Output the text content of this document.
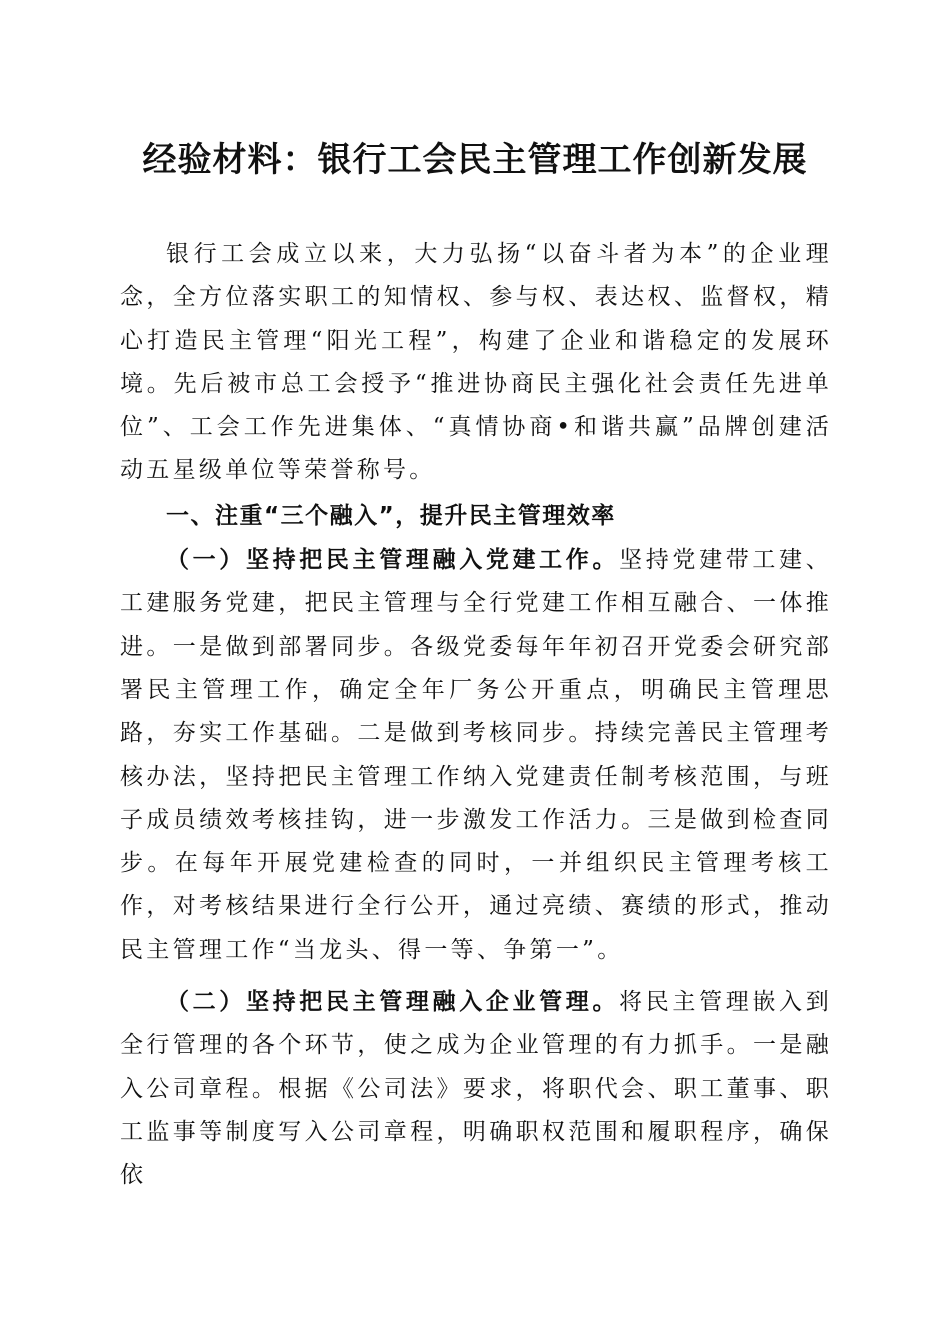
经验材料：银行工会民主管理工作创新发展

银行工会成立以来，大力弘扬“以奋斗者为本”的企业理念，全方位落实职工的知情权、参与权、表达权、监督权，精心打造民主管理“阳光工程”，构建了企业和谐稳定的发展环境。先后被市总工会授予“推进协商民主强化社会责任先进单位”、工会工作先进集体、“真情协商•和谐共赢”品牌创建活动五星级单位等荣誉称号。

一、注重“三个融入”，提升民主管理效率

（一）坚持把民主管理融入党建工作。坚持党建带工建、工建服务党建，把民主管理与全行党建工作相互融合、一体推进。一是做到部署同步。各级党委每年年初召开党委会研究部署民主管理工作，确定全年厂务公开重点，明确民主管理思路，夯实工作基础。二是做到考核同步。持续完善民主管理考核办法，坚持把民主管理工作纳入党建责任制考核范围，与班子成员绩效考核挂钩，进一步激发工作活力。三是做到检查同步。在每年开展党建检查的同时，一并组织民主管理考核工作，对考核结果进行全行公开，通过亮绩、赛绩的形式，推动民主管理工作“当龙头、得一等、争第一”。

（二）坚持把民主管理融入企业管理。将民主管理嵌入到全行管理的各个环节，使之成为企业管理的有力抓手。一是融入公司章程。根据《公司法》要求，将职代会、职工董事、职工监事等制度写入公司章程，明确职权范围和履职程序，确保依
